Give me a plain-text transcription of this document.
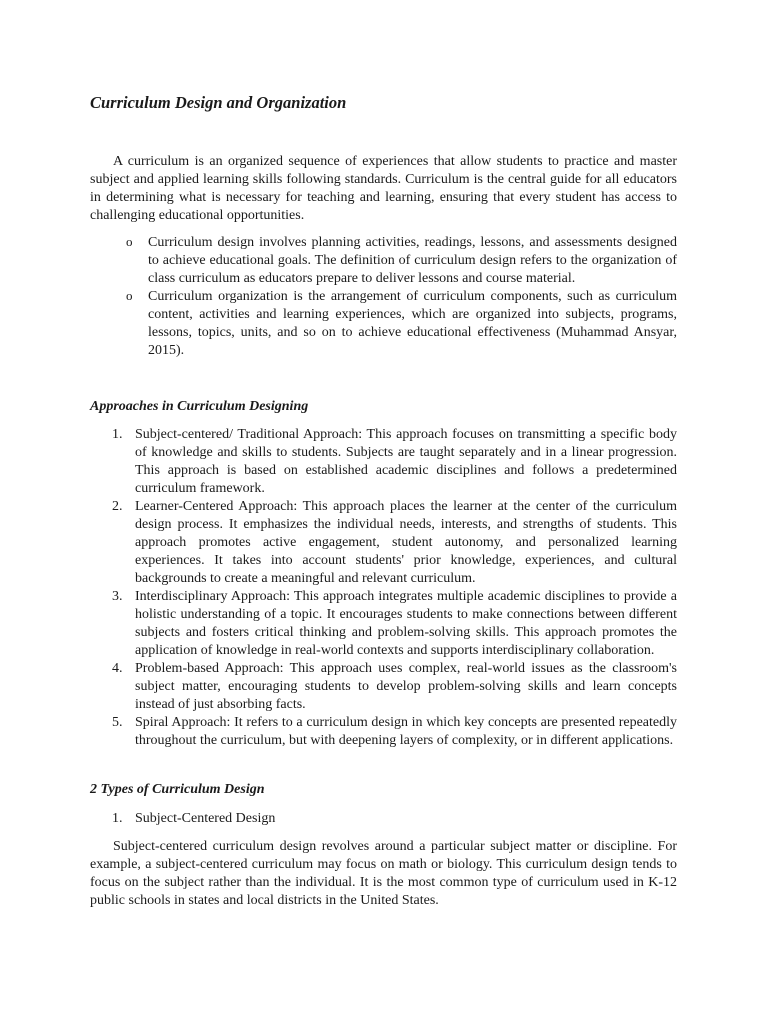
Curriculum Design and Organization

A curriculum is an organized sequence of experiences that allow students to practice and master subject and applied learning skills following standards. Curriculum is the central guide for all educators in determining what is necessary for teaching and learning, ensuring that every student has access to challenging educational opportunities.

o Curriculum design involves planning activities, readings, lessons, and assessments designed to achieve educational goals. The definition of curriculum design refers to the organization of class curriculum as educators prepare to deliver lessons and course material.
o Curriculum organization is the arrangement of curriculum components, such as curriculum content, activities and learning experiences, which are organized into subjects, programs, lessons, topics, units, and so on to achieve educational effectiveness (Muhammad Ansyar, 2015).
Approaches in Curriculum Designing
1. Subject-centered/ Traditional Approach: This approach focuses on transmitting a specific body of knowledge and skills to students. Subjects are taught separately and in a linear progression. This approach is based on established academic disciplines and follows a predetermined curriculum framework.
2. Learner-Centered Approach: This approach places the learner at the center of the curriculum design process. It emphasizes the individual needs, interests, and strengths of students. This approach promotes active engagement, student autonomy, and personalized learning experiences. It takes into account students' prior knowledge, experiences, and cultural backgrounds to create a meaningful and relevant curriculum.
3. Interdisciplinary Approach: This approach integrates multiple academic disciplines to provide a holistic understanding of a topic. It encourages students to make connections between different subjects and fosters critical thinking and problem-solving skills. This approach promotes the application of knowledge in real-world contexts and supports interdisciplinary collaboration.
4. Problem-based Approach: This approach uses complex, real-world issues as the classroom's subject matter, encouraging students to develop problem-solving skills and learn concepts instead of just absorbing facts.
5. Spiral Approach: It refers to a curriculum design in which key concepts are presented repeatedly throughout the curriculum, but with deepening layers of complexity, or in different applications.
2 Types of Curriculum Design
1. Subject-Centered Design

Subject-centered curriculum design revolves around a particular subject matter or discipline. For example, a subject-centered curriculum may focus on math or biology. This curriculum design tends to focus on the subject rather than the individual. It is the most common type of curriculum used in K-12 public schools in states and local districts in the United States.
